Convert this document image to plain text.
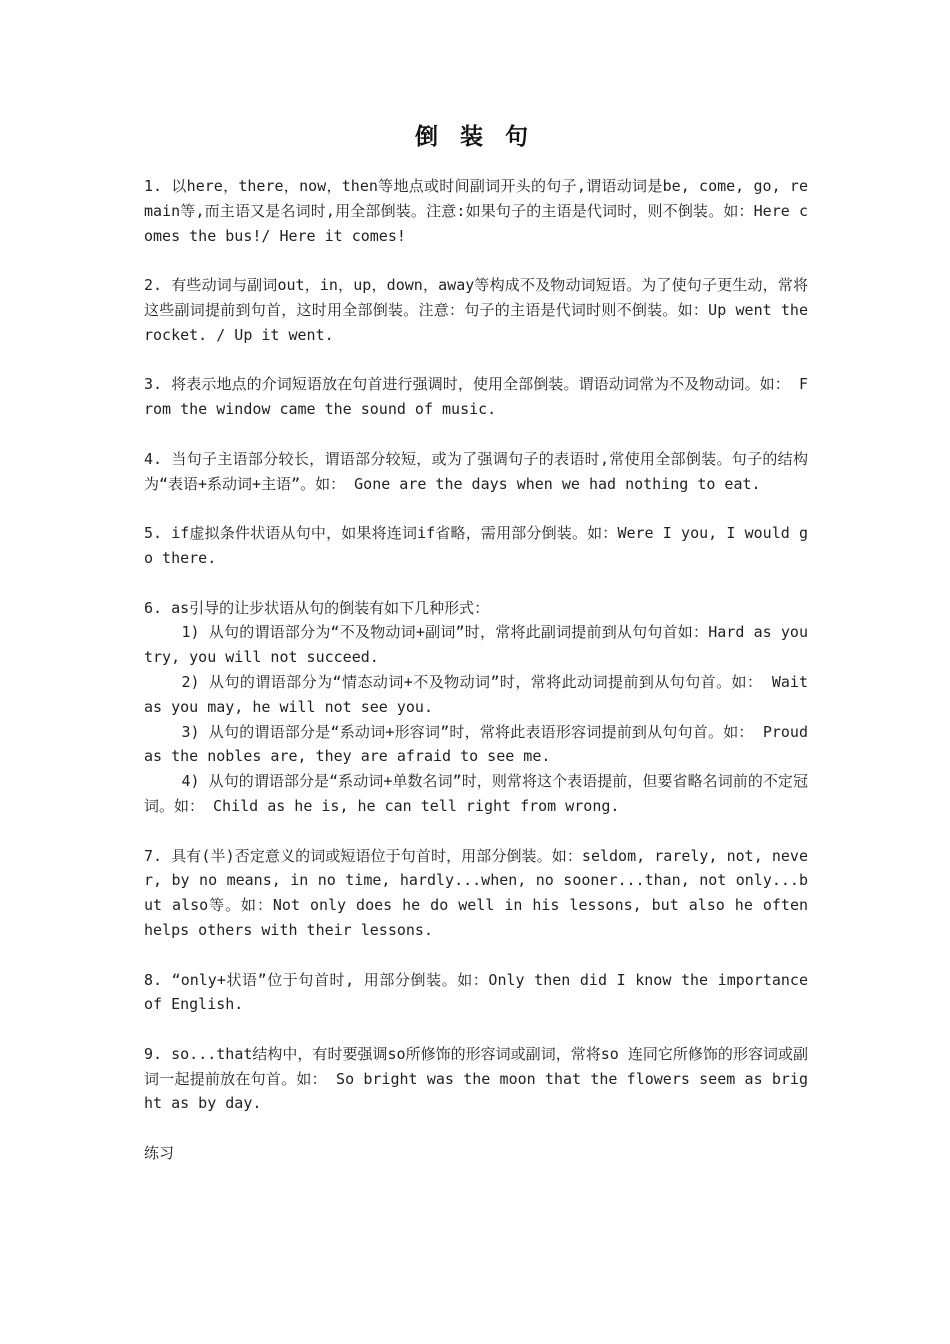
倒 装 句

1. 以here，there，now，then等地点或时间副词开头的句子,谓语动词是be, come, go, remain等,而主语又是名词时,用全部倒装。注意:如果句子的主语是代词时，则不倒装。如：Here comes the bus!/ Here it comes!

2. 有些动词与副词out，in，up，down，away等构成不及物动词短语。为了使句子更生动，常将这些副词提前到句首，这时用全部倒装。注意：句子的主语是代词时则不倒装。如：Up went the rocket. / Up it went.

3. 将表示地点的介词短语放在句首进行强调时，使用全部倒装。谓语动词常为不及物动词。如： From the window came the sound of music.

4. 当句子主语部分较长，谓语部分较短，或为了强调句子的表语时,常使用全部倒装。句子的结构为“表语+系动词+主语”。如： Gone are the days when we had nothing to eat.

5. if虚拟条件状语从句中，如果将连词if省略，需用部分倒装。如：Were I you, I would go there.

6. as引导的让步状语从句的倒装有如下几种形式：

1) 从句的谓语部分为“不及物动词+副词”时，常将此副词提前到从句句首如：Hard as you try, you will not succeed.

2) 从句的谓语部分为“情态动词+不及物动词”时，常将此动词提前到从句句首。如： Wait as you may, he will not see you.

3) 从句的谓语部分是“系动词+形容词”时，常将此表语形容词提前到从句句首。如： Proud as the nobles are, they are afraid to see me.

4) 从句的谓语部分是“系动词+单数名词”时，则常将这个表语提前，但要省略名词前的不定冠词。如： Child as he is, he can tell right from wrong.

7. 具有(半)否定意义的词或短语位于句首时，用部分倒装。如：seldom, rarely, not, never, by no means, in no time, hardly...when, no sooner...than, not only...but also等。如：Not only does he do well in his lessons, but also he often helps others with their lessons.

8. “only+状语”位于句首时, 用部分倒装。如：Only then did I know the importance of English.

9. so...that结构中，有时要强调so所修饰的形容词或副词，常将so 连同它所修饰的形容词或副词一起提前放在句首。如： So bright was the moon that the flowers seem as bright as by day.

练习
